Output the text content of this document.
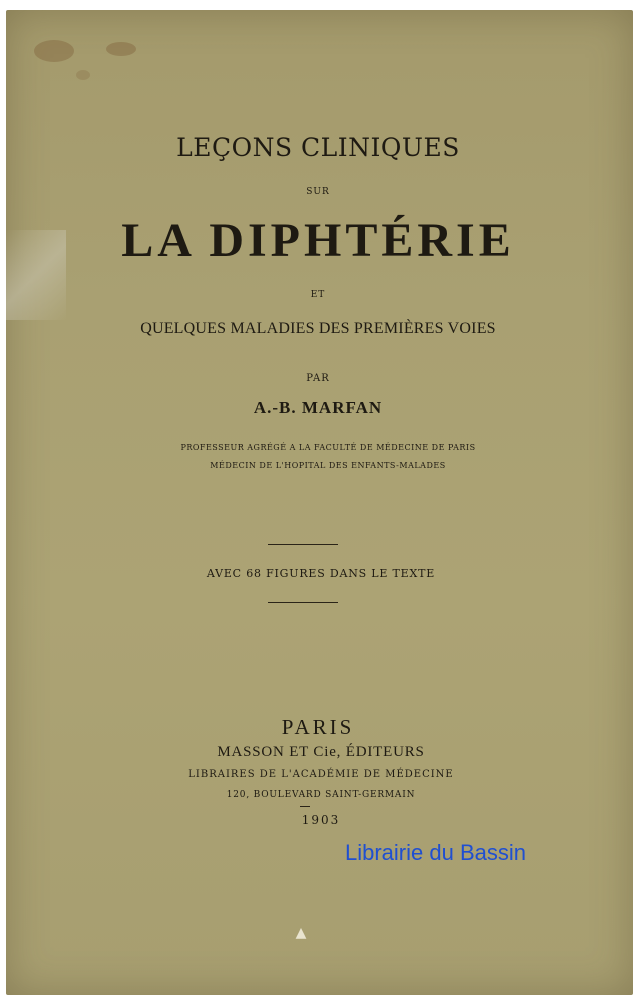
LEÇONS CLINIQUES
SUR
LA DIPHTÉRIE
ET
QUELQUES MALADIES DES PREMIÈRES VOIES
PAR
A.-B. MARFAN
PROFESSEUR AGRÉGÉ A LA FACULTÉ DE MÉDECINE DE PARIS
MÉDECIN DE L'HOPITAL DES ENFANTS-MALADES
AVEC 68 FIGURES DANS LE TEXTE
PARIS
MASSON ET Cie, ÉDITEURS
LIBRAIRES DE L'ACADÉMIE DE MÉDECINE
120, BOULEVARD SAINT-GERMAIN
1903
▲
Librairie du Bassin
